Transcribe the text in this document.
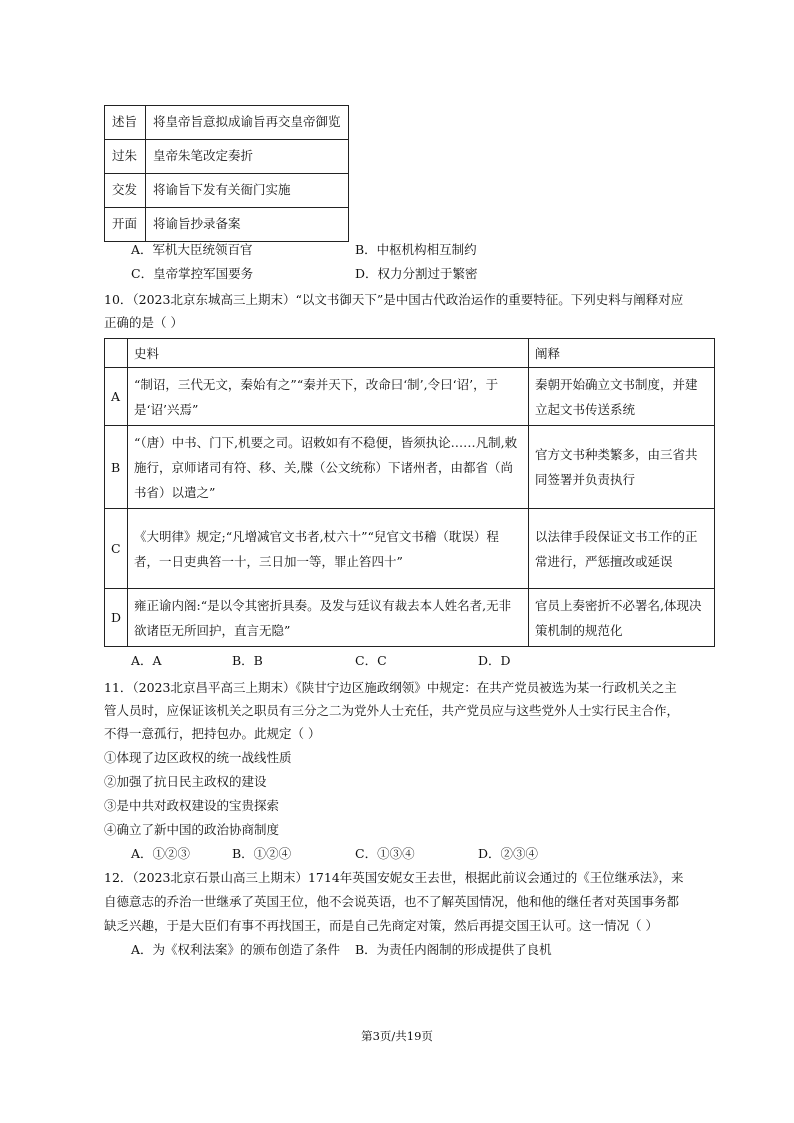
述旨	将皇帝旨意拟成谕旨再交皇帝御览
过朱	皇帝朱笔改定奏折
交发	将谕旨下发有关衙门实施
开面	将谕旨抄录备案
A．军机大臣统领百官	B．中枢机构相互制约
C．皇帝掌控军国要务	D．权力分割过于繁密
10．（2023北京东城高三上期末）“以文书御天下”是中国古代政治运作的重要特征。下列史料与阐释对应
正确的是（ ）
	史料	阐释
A	“制诏，三代无文，秦始有之”“秦并天下，改命曰‘制’,令曰‘诏’，于是‘诏’兴焉”	秦朝开始确立文书制度，并建立起文书传送系统
B	“（唐）中书、门下,机要之司。诏敕如有不稳便，皆须执论……凡制,敕施行，京师诸司有符、移、关,牒（公文统称）下诸州者，由都省（尚书省）以遣之”	官方文书种类繁多，由三省共同签署并负责执行
C	《大明律》规定;“凡增减官文书者,杖六十”“兒官文书稽（耽误）程者，一日吏典笞一十，三日加一等，罪止笞四十”	以法律手段保证文书工作的正常进行，严惩擅改或延误
D	雍正谕内阁:“是以令其密折具奏。及发与廷议有裁去本人姓名者,无非欲诸臣无所回护，直言无隐”	官员上奏密折不必署名,体现决策机制的规范化
A．A	B．B	C．C	D．D
11．（2023北京昌平高三上期末）《陕甘宁边区施政纲领》中规定：在共产党员被选为某一行政机关之主
管人员时，应保证该机关之职员有三分之二为党外人士充任，共产党员应与这些党外人士实行民主合作，
不得一意孤行，把持包办。此规定（ ）
①体现了边区政权的统一战线性质
②加强了抗日民主政权的建设
③是中共对政权建设的宝贵探索
④确立了新中国的政治协商制度
A．①②③	B．①②④	C．①③④	D．②③④
12．（2023北京石景山高三上期末）1714年英国安妮女王去世，根据此前议会通过的《王位继承法》，来
自德意志的乔治一世继承了英国王位，他不会说英语，也不了解英国情况，他和他的继任者对英国事务都
缺乏兴趣，于是大臣们有事不再找国王，而是自己先商定对策，然后再提交国王认可。这一情况（ ）
A．为《权利法案》的颁布创造了条件 B．为责任内阁制的形成提供了良机
第3页/共19页
